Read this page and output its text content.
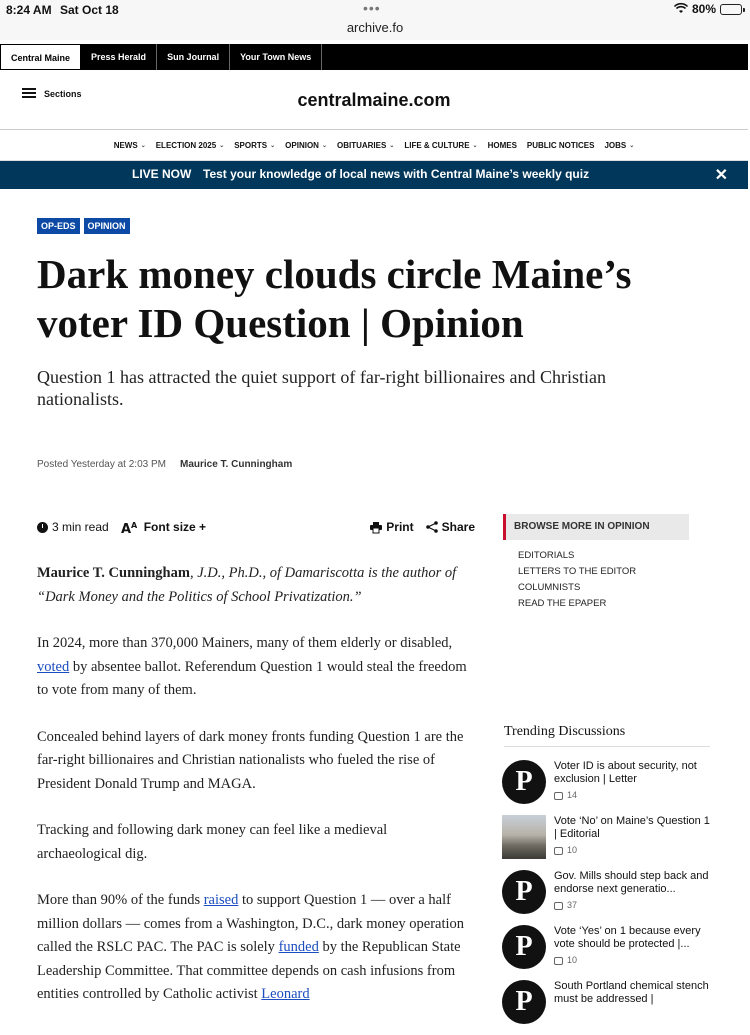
8:24 AM Sat Oct 18	•••	80%
archive.fo
Central Maine	Press Herald	Sun Journal	Your Town News
Sections	centralmaine.com
NEWS ⌄ ELECTION 2025 ⌄ SPORTS ⌄ OPINION ⌄ OBITUARIES ⌄ LIFE & CULTURE ⌄ HOMES PUBLIC NOTICES JOBS ⌄
LIVE NOW Test your knowledge of local news with Central Maine’s weekly quiz	✕
OP-EDS	OPINION
Dark money clouds circle Maine’s voter ID Question | Opinion

Question 1 has attracted the quiet support of far-right billionaires and Christian nationalists.

Posted Yesterday at 2:03 PM Maurice T. Cunningham
3 min read A A Font size +	Print Share

Maurice T. Cunningham, J.D., Ph.D., of Damariscotta is the author of “Dark Money and the Politics of School Privatization.”

In 2024, more than 370,000 Mainers, many of them elderly or disabled, voted by absentee ballot. Referendum Question 1 would steal the freedom to vote from many of them.

Concealed behind layers of dark money fronts funding Question 1 are the far-right billionaires and Christian nationalists who fueled the rise of President Donald Trump and MAGA.

Tracking and following dark money can feel like a medieval archaeological dig.

More than 90% of the funds raised to support Question 1 — over a half million dollars — comes from a Washington, D.C., dark money operation called the RSLC PAC. The PAC is solely funded by the Republican State Leadership Committee. That committee depends on cash infusions from entities controlled by Catholic activist Leonard

BROWSE MORE IN OPINION
EDITORIALS
LETTERS TO THE EDITOR
COLUMNISTS
READ THE EPAPER
Trending Discussions
P	Voter ID is about security, not exclusion | Letter
14
Vote ‘No’ on Maine’s Question 1 | Editorial
10
P	Gov. Mills should step back and endorse next generatio...
37
P	Vote ‘Yes’ on 1 because every vote should be protected |...
10
P	South Portland chemical stench must be addressed |
